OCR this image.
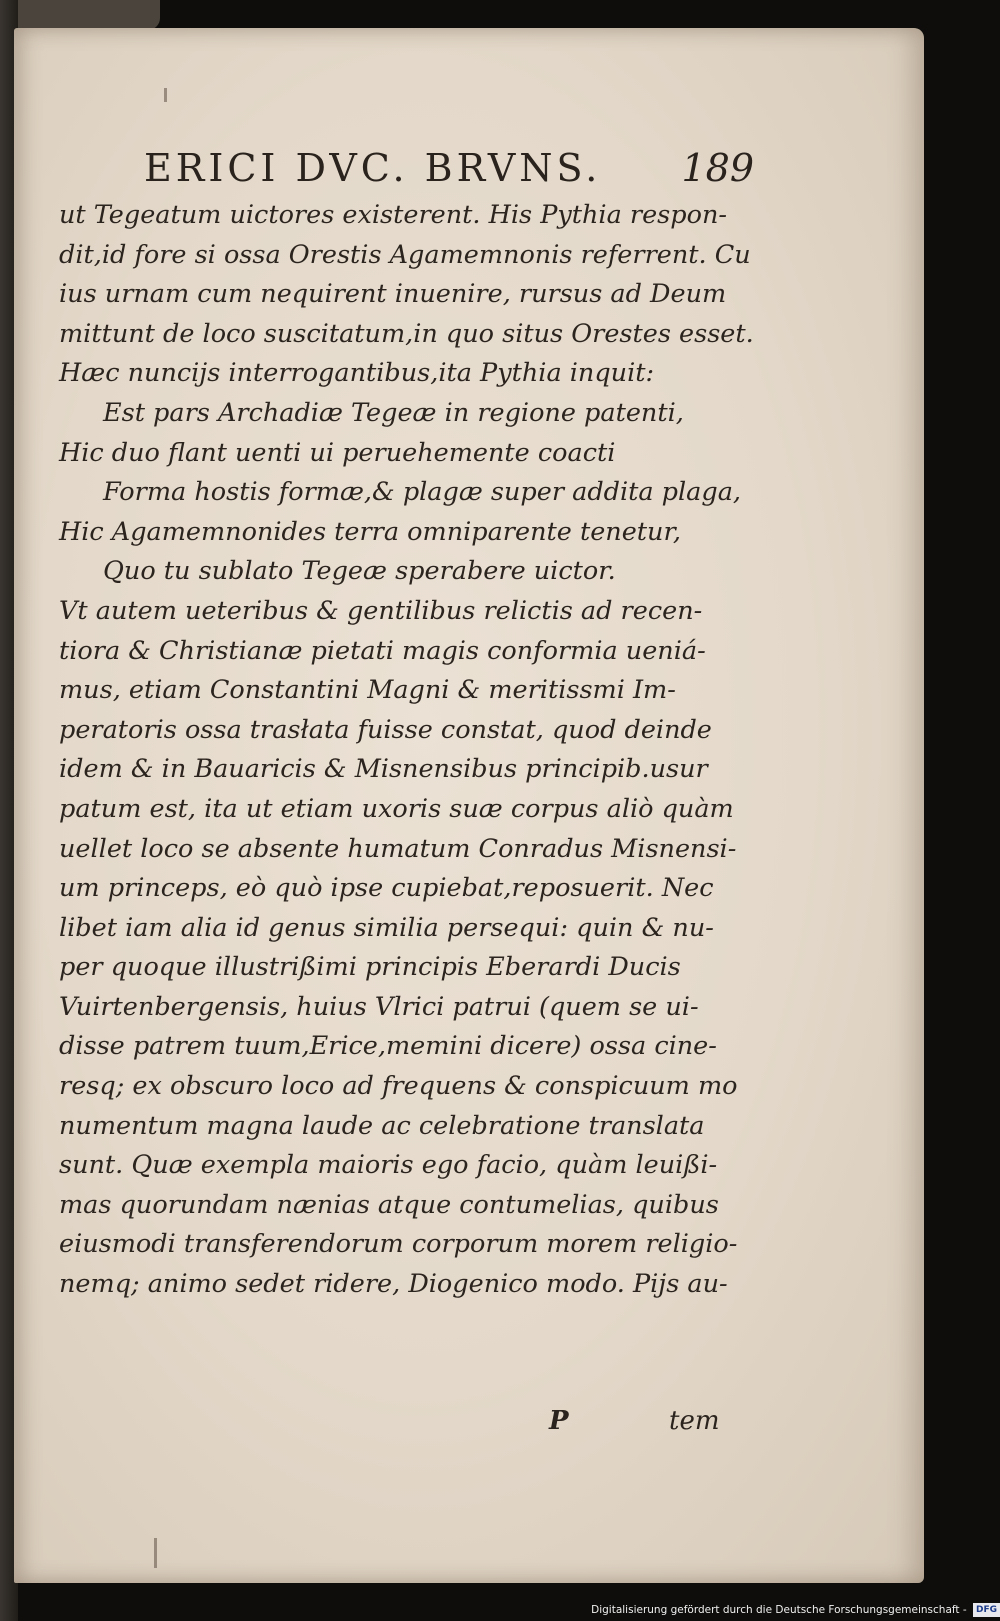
ERICI DVC. BRVNS. 189
ut Tegeatum uictores existerent. His Pythia respon-
dit,id fore si ossa Orestis Agamemnonis referrent. Cu
ius urnam cum nequirent inuenire, rursus ad Deum
mittunt de loco suscitatum,in quo situs Orestes esset.
Hæc nuncijs interrogantibus,ita Pythia inquit:
Est pars Archadiæ Tegeæ in regione patenti,
Hic duo flant uenti ui peruehemente coacti
Forma hostis formæ,& plagæ super addita plaga,
Hic Agamemnonides terra omniparente tenetur,
Quo tu sublato Tegeæ sperabere uictor.
Vt autem ueteribus & gentilibus relictis ad recen-
tiora & Christianæ pietati magis conformia ueniá-
mus, etiam Constantini Magni & meritissmi Im-
peratoris ossa trasłata fuisse constat, quod deinde
idem & in Bauaricis & Misnensibus principib.usur
patum est, ita ut etiam uxoris suæ corpus aliò quàm
uellet loco se absente humatum Conradus Misnensi-
um princeps, eò quò ipse cupiebat,reposuerit. Nec
libet iam alia id genus similia persequi: quin & nu-
per quoque illustrißimi principis Eberardi Ducis
Vuirtenbergensis, huius Vlrici patrui (quem se ui-
disse patrem tuum,Erice,memini dicere) ossa cine-
resq; ex obscuro loco ad frequens & conspicuum mo
numentum magna laude ac celebratione translata
sunt. Quæ exempla maioris ego facio, quàm leuißi-
mas quorundam nænias atque contumelias, quibus
eiusmodi transferendorum corporum morem religio-
nemq; animo sedet ridere, Diogenico modo. Pijs au-
P	tem
Digitalisierung gefördert durch die Deutsche Forschungsgemeinschaft - DFG
